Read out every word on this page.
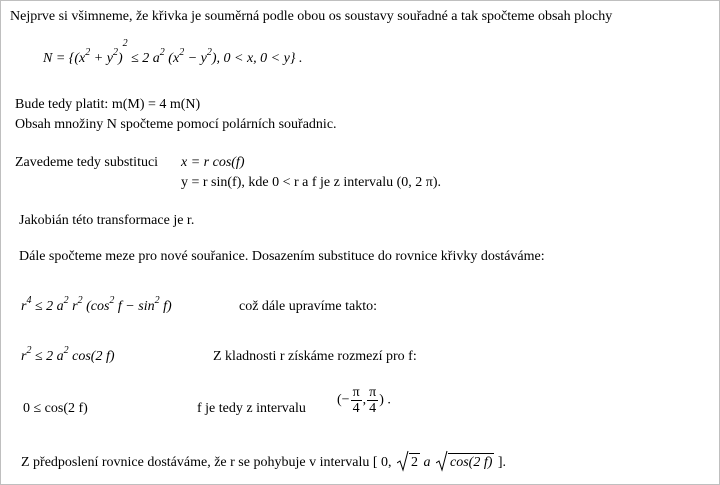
Nejprve si všimneme, že křivka je souměrná podle obou os soustavy souřadné a tak spočteme obsah plochy
$N = \{(x^2 + y^2)^2 \le 2$ $a^2$ $(x^2 - y^2)$, 0 < x, 0 < y} .
Bude tedy platit: m(M) = 4 m(N)
Obsah množiny N spočteme pomocí polárních souřadnic.
Zavedeme tedy substituci x = r cos(f)
y = r sin(f), kde 0 < r a f je z intervalu (0, 2 π).
Jakobián této transformace je r.
Dále spočteme meze pro nové souřanice. Dosazením substituce do rovnice křivky dostáváme:
$r^4 \le 2$ $a^2$ $r^2$ ($\cos^2$ $f - \sin^2 f$)	což dále upravíme takto:
$r^2 \le 2$ $a^2$ cos(2 f)	Z kladnosti r získáme rozmezí pro f:
0 ≤ cos(2 f)	f je tedy z intervalu
(− $\frac{\pi}{4}$ , $\frac{\pi}{4}$ ) .
Z předposlení rovnice dostáváme, že r se pohybuje v intervalu [ 0, 2 a cos(2 f) ].
